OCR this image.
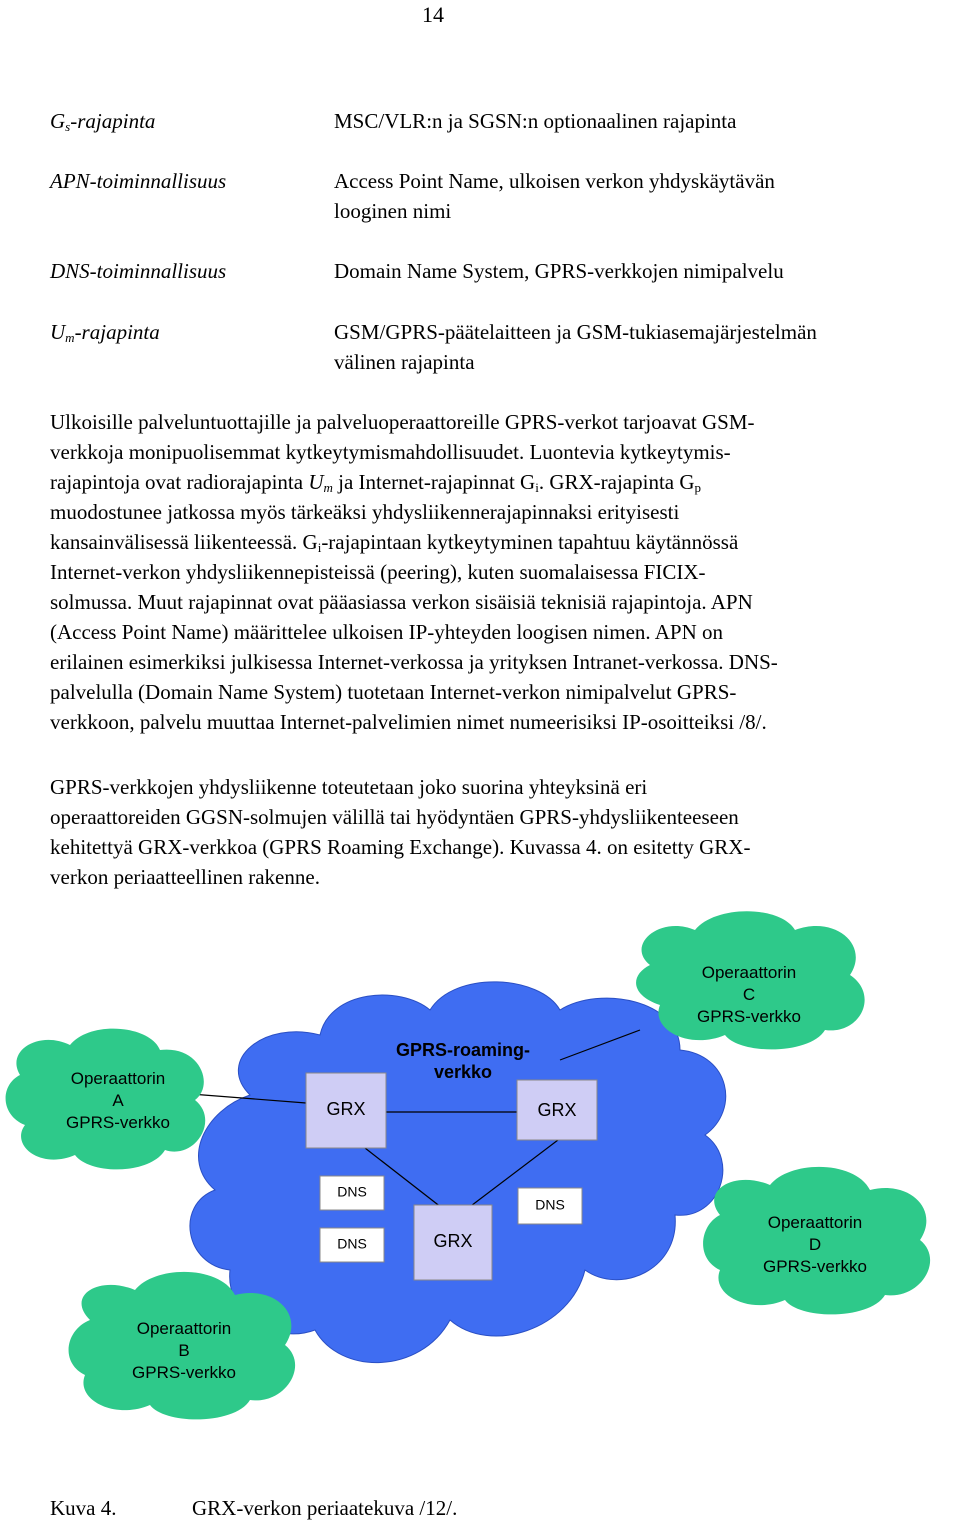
14
$G_s$-rajapinta	MSC/VLR:n ja SGSN:n optionaalinen rajapinta
APN-toiminnallisuus	Access Point Name, ulkoisen verkon yhdyskäytävän
looginen nimi
DNS-toiminnallisuus	Domain Name System, GPRS-verkkojen nimipalvelu
$U_m$-rajapinta	GSM/GPRS-päätelaitteen ja GSM-tukiasemajärjestelmän
välinen rajapinta
Ulkoisille palveluntuottajille ja palveluoperaattoreille GPRS-verkot tarjoavat GSM-
verkkoja monipuolisemmat kytkeytymismahdollisuudet. Luontevia kytkeytymis-
rajapintoja ovat radiorajapinta $U_m$ ja Internet-rajapinnat $G_i$. GRX-rajapinta $G_p$
muodostunee jatkossa myös tärkeäksi yhdysliikennerajapinnaksi erityisesti
kansainvälisessä liikenteessä. $G_i$-rajapintaan kytkeytyminen tapahtuu käytännössä
Internet-verkon yhdysliikennepisteissä (peering), kuten suomalaisessa FICIX-
solmussa. Muut rajapinnat ovat pääasiassa verkon sisäisiä teknisiä rajapintoja. APN
(Access Point Name) määrittelee ulkoisen IP-yhteyden loogisen nimen. APN on
erilainen esimerkiksi julkisessa Internet-verkossa ja yrityksen Intranet-verkossa. DNS-
palvelulla (Domain Name System) tuotetaan Internet-verkon nimipalvelut GPRS-
verkkoon, palvelu muuttaa Internet-palvelimien nimet numeerisiksi IP-osoitteiksi /8/.
GPRS-verkkojen yhdysliikenne toteutetaan joko suorina yhteyksinä eri
operaattoreiden GGSN-solmujen välillä tai hyödyntäen GPRS-yhdysliikenteeseen
kehitettyä GRX-verkkoa (GPRS Roaming Exchange). Kuvassa 4. on esitetty GRX-
verkon periaatteellinen rakenne.
GPRS-roaming-
verkko
GRX	GRX
GRX
DNS
DNS
DNS
Operaattorin
A
GPRS-verkko
Operaattorin
C
GPRS-verkko
Operaattorin
D
GPRS-verkko
Operaattorin
B
GPRS-verkko
Kuva 4.	GRX-verkon periaatekuva /12/.
